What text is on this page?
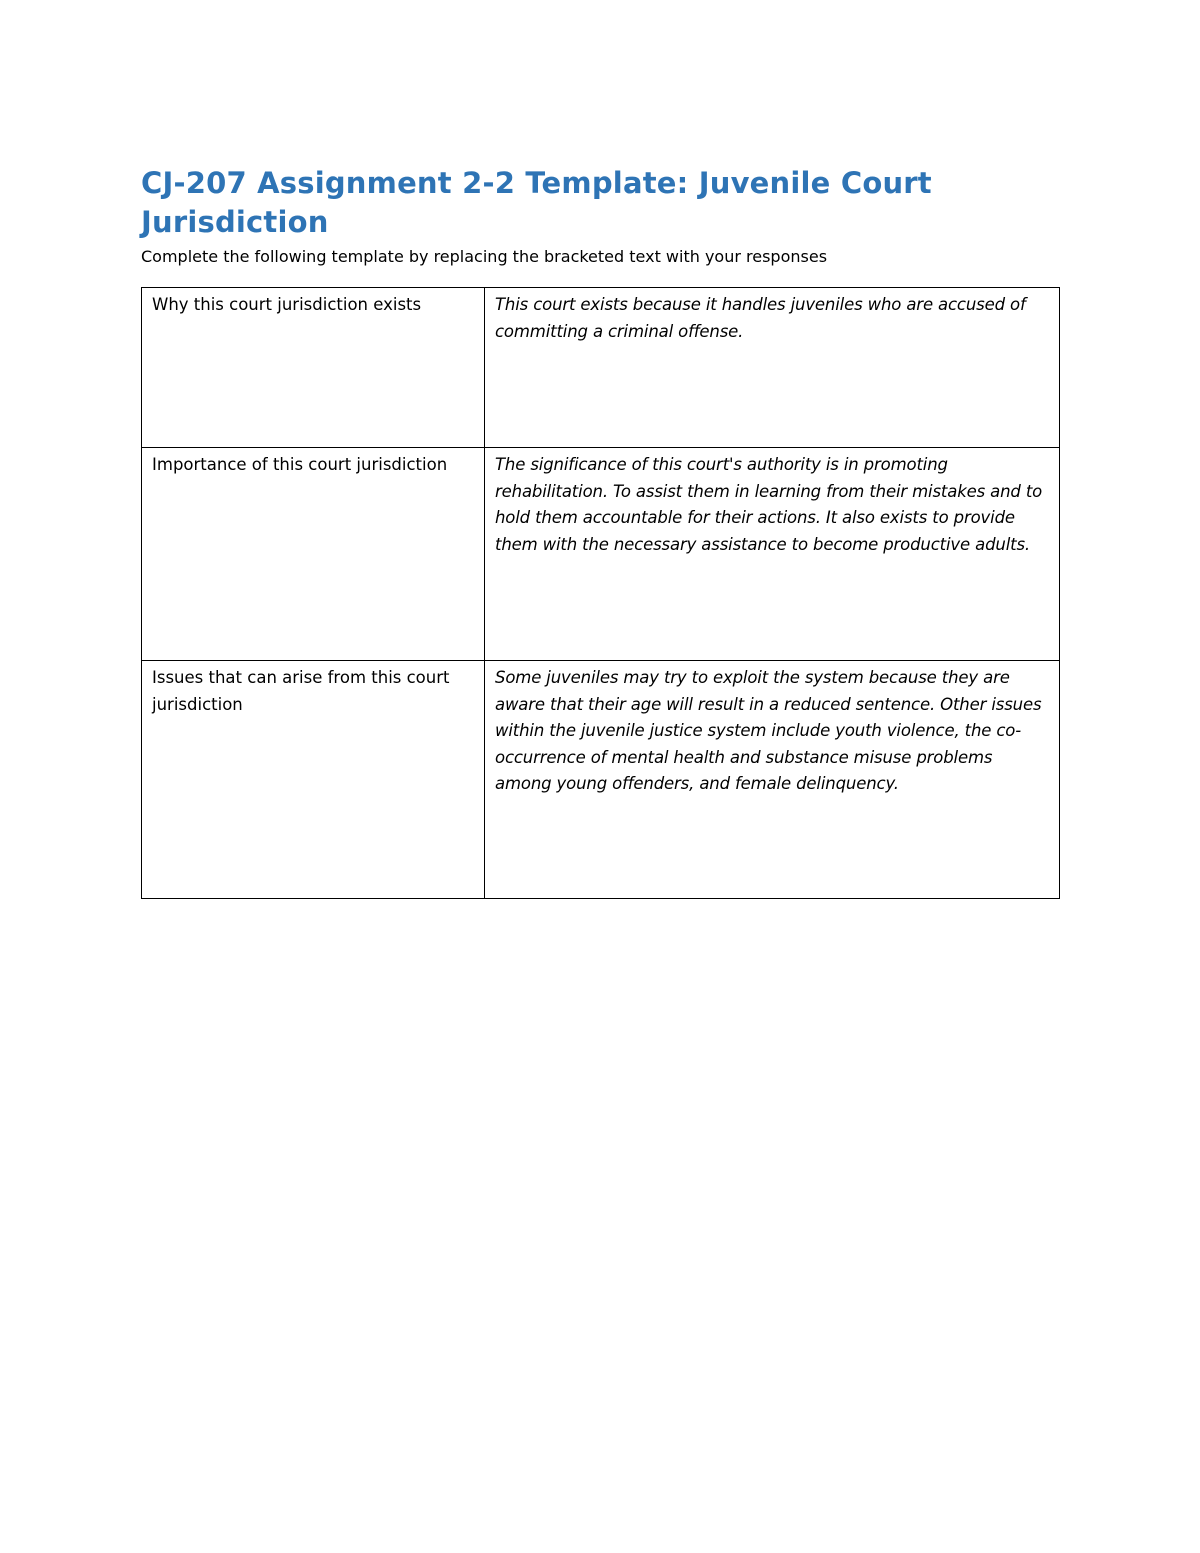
CJ-207 Assignment 2-2 Template: Juvenile Court Jurisdiction

Complete the following template by replacing the bracketed text with your responses

Why this court jurisdiction exists	This court exists because it handles juveniles who are accused of committing a criminal offense.
Importance of this court jurisdiction	The significance of this court's authority is in promoting rehabilitation. To assist them in learning from their mistakes and to hold them accountable for their actions. It also exists to provide them with the necessary assistance to become productive adults.
Issues that can arise from this court jurisdiction	Some juveniles may try to exploit the system because they are aware that their age will result in a reduced sentence. Other issues within the juvenile justice system include youth violence, the co-occurrence of mental health and substance misuse problems among young offenders, and female delinquency.
